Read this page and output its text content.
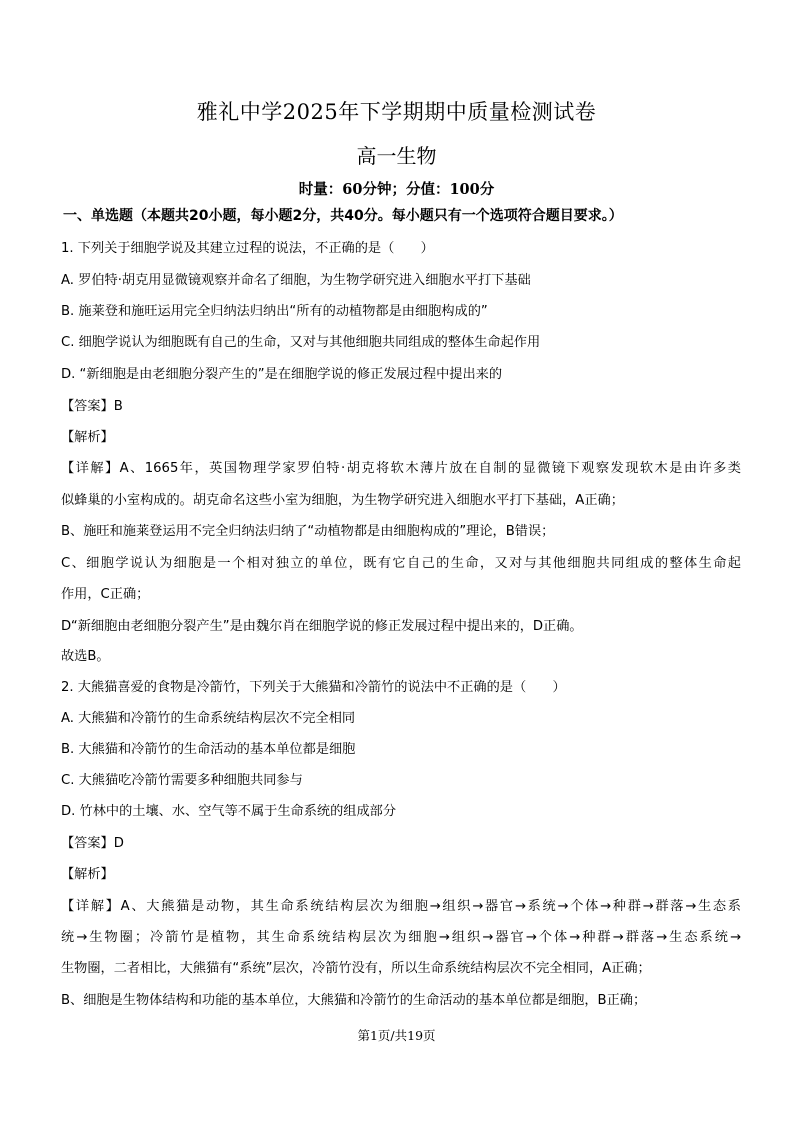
雅礼中学2025年下学期期中质量检测试卷
高一生物
时量：60分钟；分值：100分
一、单选题（本题共20小题，每小题2分，共40分。每小题只有一个选项符合题目要求。）
1. 下列关于细胞学说及其建立过程的说法，不正确的是（　　）
A. 罗伯特·胡克用显微镜观察并命名了细胞，为生物学研究进入细胞水平打下基础
B. 施莱登和施旺运用完全归纳法归纳出“所有的动植物都是由细胞构成的”
C. 细胞学说认为细胞既有自己的生命，又对与其他细胞共同组成的整体生命起作用
D. “新细胞是由老细胞分裂产生的”是在细胞学说的修正发展过程中提出来的
【答案】B
【解析】
【详解】A、1665年，英国物理学家罗伯特·胡克将软木薄片放在自制的显微镜下观察发现软木是由许多类
似蜂巢的小室构成的。胡克命名这些小室为细胞，为生物学研究进入细胞水平打下基础，A正确；
B、施旺和施莱登运用不完全归纳法归纳了“动植物都是由细胞构成的”理论，B错误；
C、细胞学说认为细胞是一个相对独立的单位，既有它自己的生命，又对与其他细胞共同组成的整体生命起
作用，C正确；
D“新细胞由老细胞分裂产生”是由魏尔肖在细胞学说的修正发展过程中提出来的，D正确。
故选B。
2. 大熊猫喜爱的食物是冷箭竹，下列关于大熊猫和冷箭竹的说法中不正确的是（　　）
A. 大熊猫和冷箭竹的生命系统结构层次不完全相同
B. 大熊猫和冷箭竹的生命活动的基本单位都是细胞
C. 大熊猫吃冷箭竹需要多种细胞共同参与
D. 竹林中的土壤、水、空气等不属于生命系统的组成部分
【答案】D
【解析】
【详解】A、大熊猫是动物，其生命系统结构层次为细胞→组织→器官→系统→个体→种群→群落→生态系
统→生物圈；冷箭竹是植物，其生命系统结构层次为细胞→组织→器官→个体→种群→群落→生态系统→
生物圈，二者相比，大熊猫有“系统”层次，冷箭竹没有，所以生命系统结构层次不完全相同，A正确；
B、细胞是生物体结构和功能的基本单位，大熊猫和冷箭竹的生命活动的基本单位都是细胞，B正确；
第1页/共19页
